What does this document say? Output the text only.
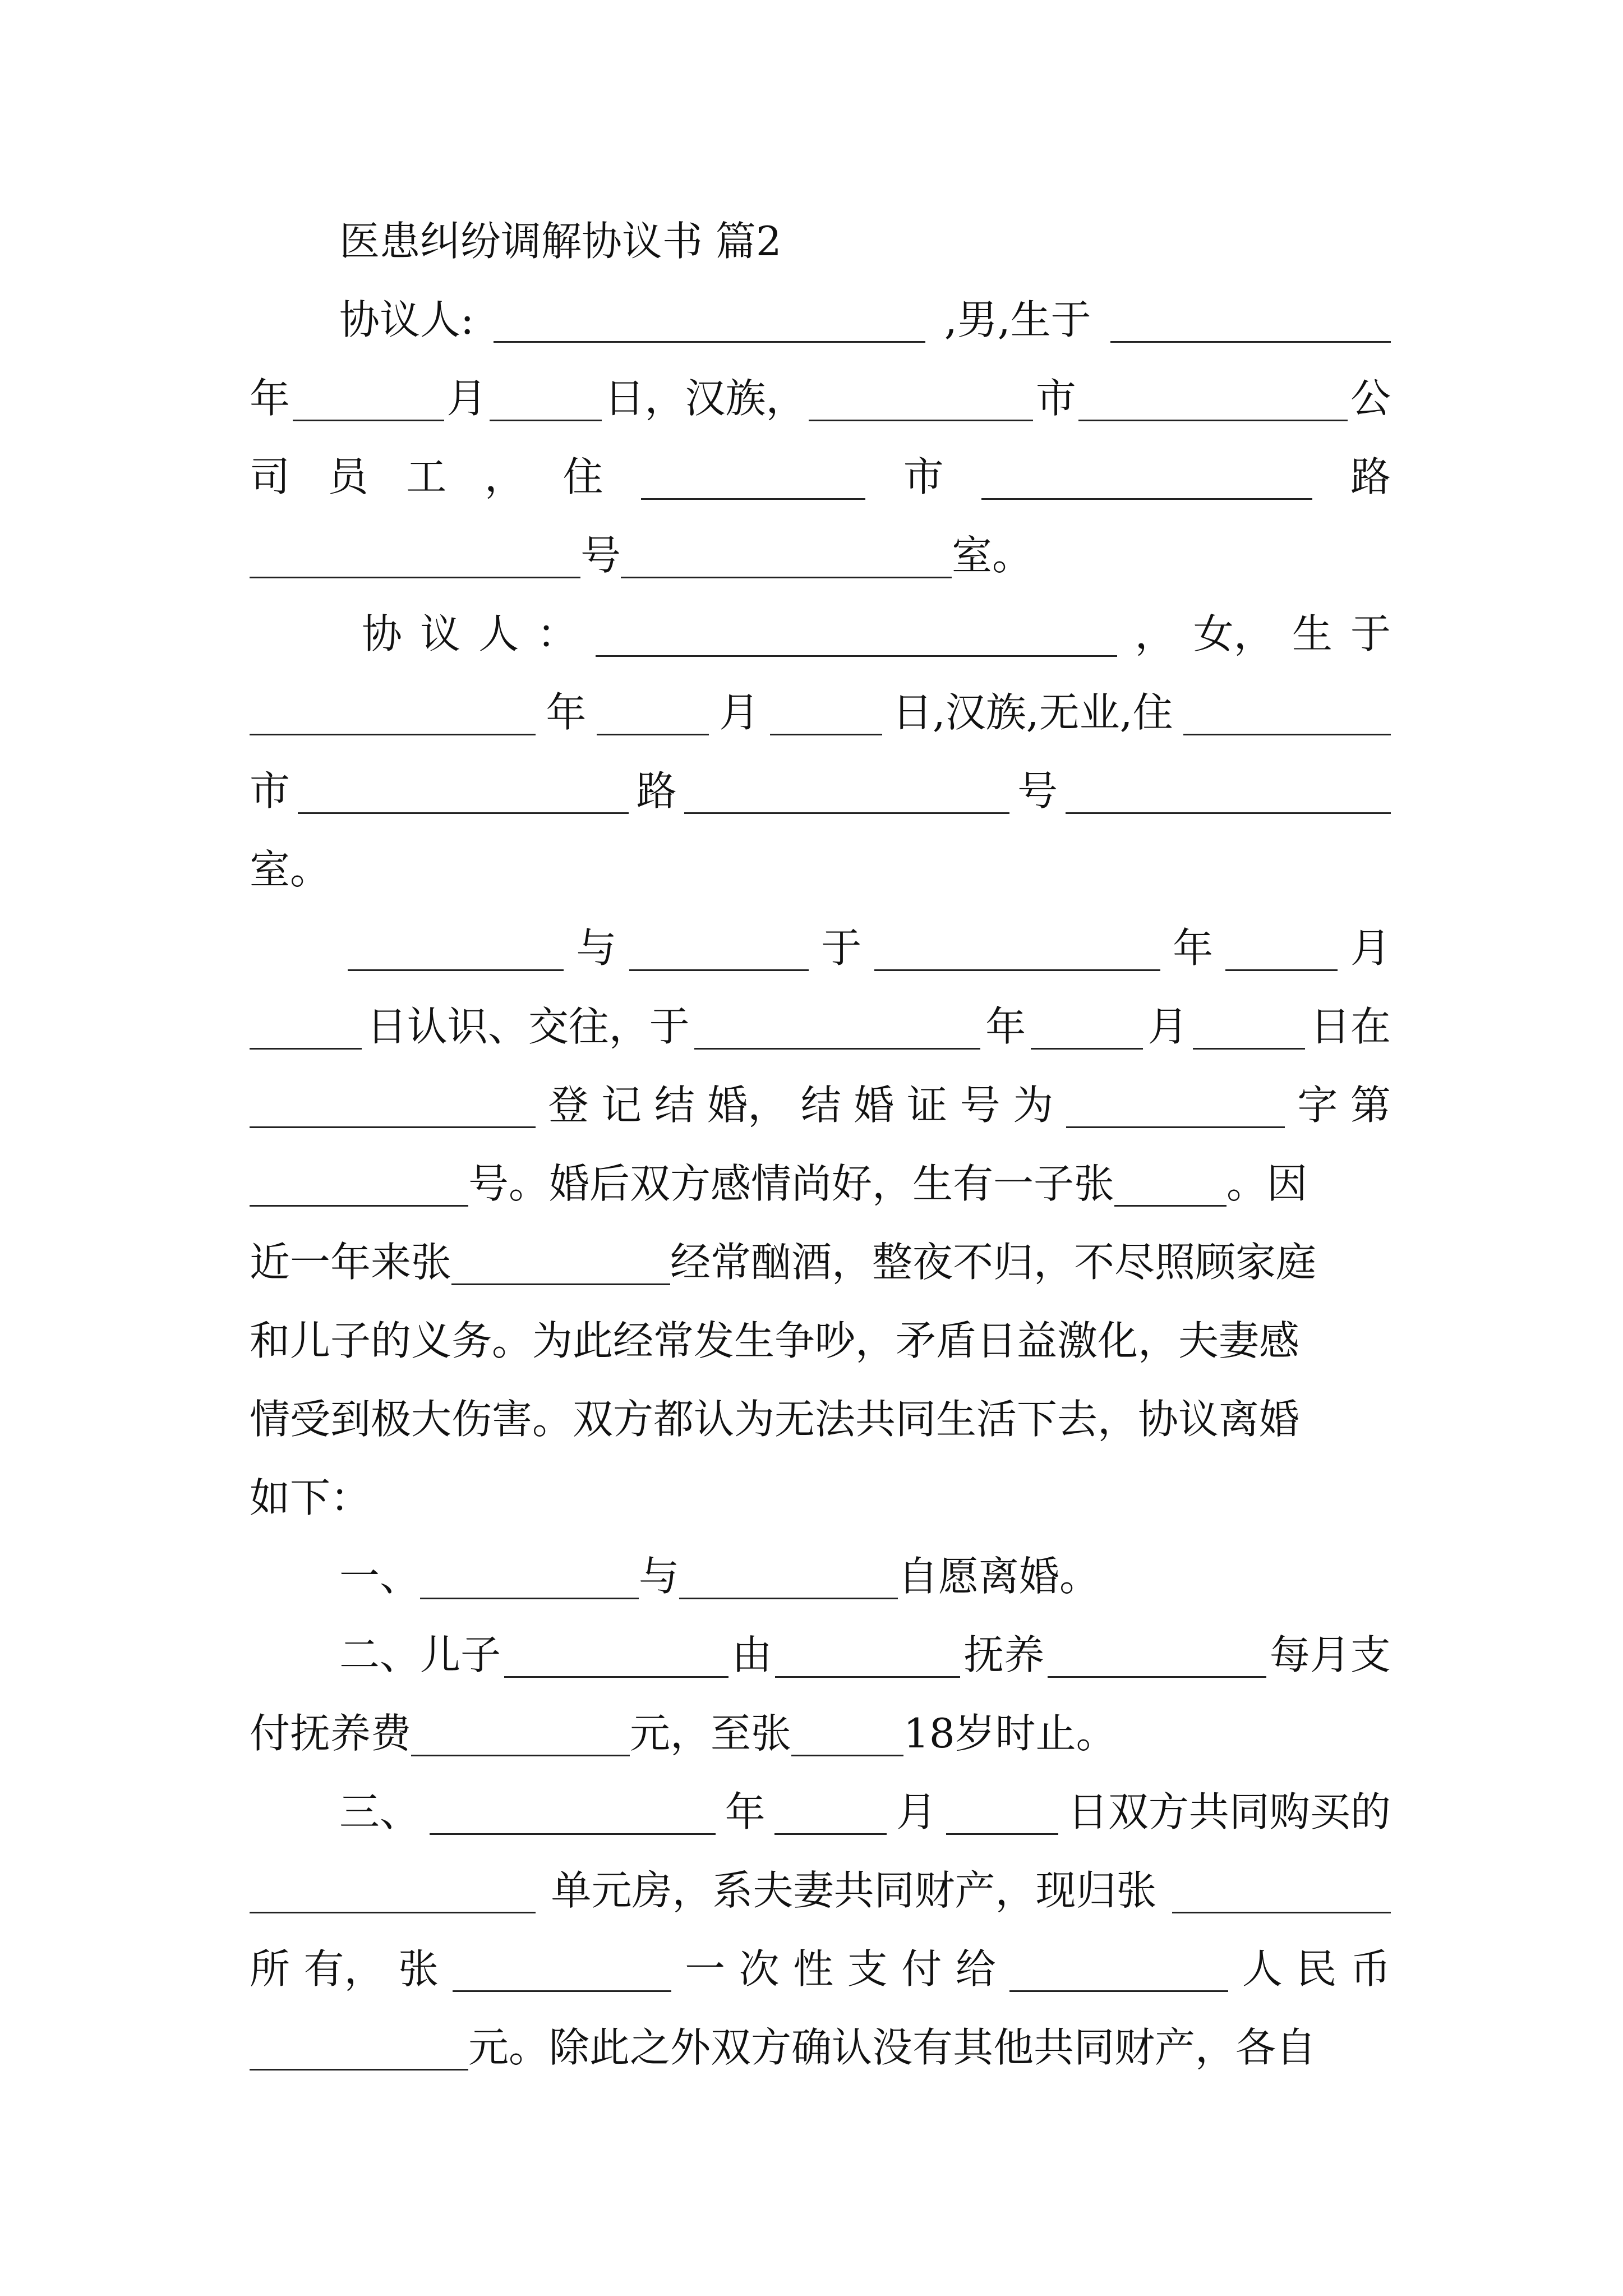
医患纠纷调解协议书 篇2
协议人:	,男,生于
年	月	日，汉族，	市	公
司 员 工 ， 住	市	路
号	室。
协 议 人 ：	， 女， 生 于
年	月	日,汉族,无业,住
市	路	号
室。
与	于	年	月
日认识、交往，于	年	月	日在
登 记 结 婚， 结 婚 证 号 为	字 第
号。婚后双方感情尚好，生有一子张	。因
近一年来张	经常酗酒，整夜不归，不尽照顾家庭
和儿子的义务。为此经常发生争吵，矛盾日益激化，夫妻感
情受到极大伤害。双方都认为无法共同生活下去，协议离婚
如下：
一、	与	自愿离婚。
二、儿子	由	抚养	每月支
付抚养费	元，至张	18岁时止。
三、	年	月	日双方共同购买的
单元房，系夫妻共同财产，现归张
所 有， 张	一 次 性 支 付 给	人 民 币
元。除此之外双方确认没有其他共同财产，各自
